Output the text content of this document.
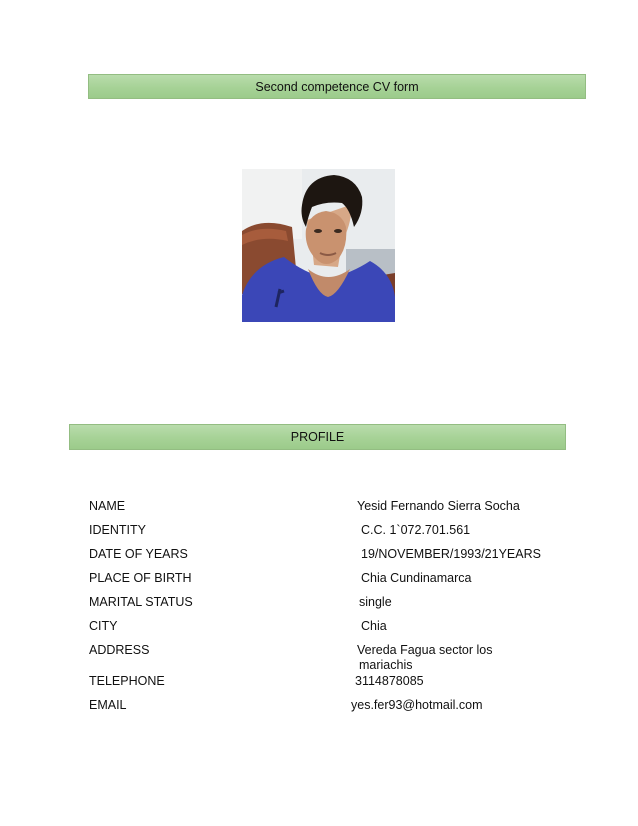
Second competence CV form
PROFILE
NAME	Yesid Fernando Sierra Socha
IDENTITY	C.C. 1`072.701.561
DATE OF YEARS	19/NOVEMBER/1993/21YEARS
PLACE OF BIRTH	Chia Cundinamarca
MARITAL STATUS	single
CITY	Chia
ADDRESS	Vereda Fagua sector los
mariachis
TELEPHONE	3114878085
EMAIL	yes.fer93@hotmail.com
